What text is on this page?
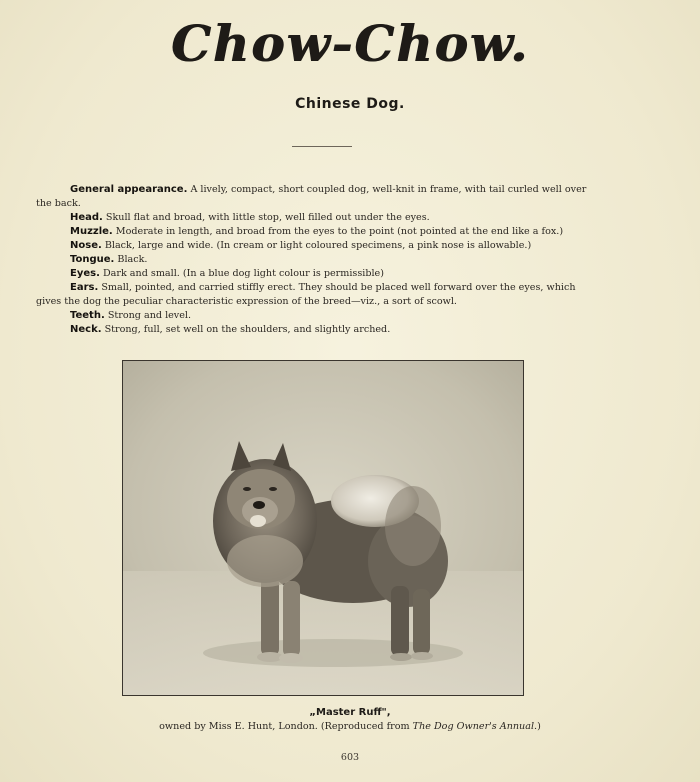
Chow-Chow.
Chinese Dog.
General appearance. A lively, compact, short coupled dog, well-knit in frame, with tail curled well over
the back.
Head. Skull flat and broad, with little stop, well filled out under the eyes.
Muzzle. Moderate in length, and broad from the eyes to the point (not pointed at the end like a fox.)
Nose. Black, large and wide. (In cream or light coloured specimens, a pink nose is allowable.)
Tongue. Black.
Eyes. Dark and small. (In a blue dog light colour is permissible)
Ears. Small, pointed, and carried stiffly erect. They should be placed well forward over the eyes, which
gives the dog the peculiar characteristic expression of the breed—viz., a sort of scowl.
Teeth. Strong and level.
Neck. Strong, full, set well on the shoulders, and slightly arched.
„Master Ruff",
owned by Miss E. Hunt, London. (Reproduced from The Dog Owner's Annual.)
603
